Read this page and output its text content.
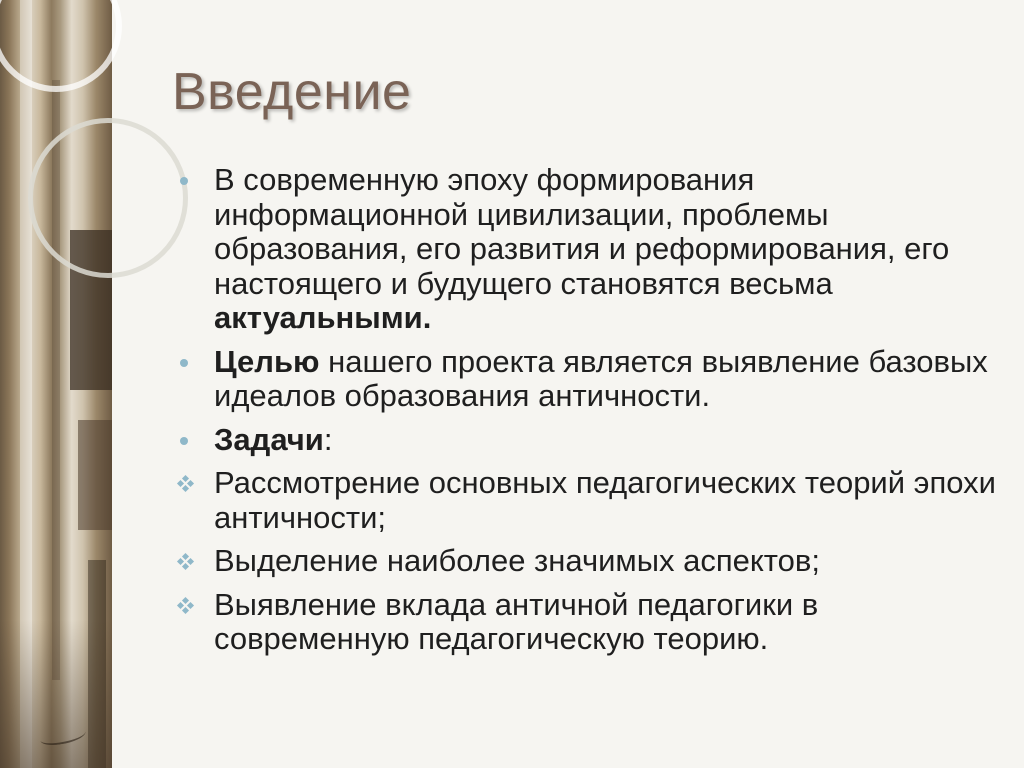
Введение
В современную эпоху формирования информационной цивилизации, проблемы образования, его развития и реформирования, его настоящего и будущего становятся весьма актуальными.
Целью нашего проекта является выявление базовых идеалов образования античности.
Задачи:
Рассмотрение основных педагогических теорий эпохи античности;
Выделение наиболее значимых аспектов;
Выявление вклада античной педагогики в современную педагогическую теорию.
